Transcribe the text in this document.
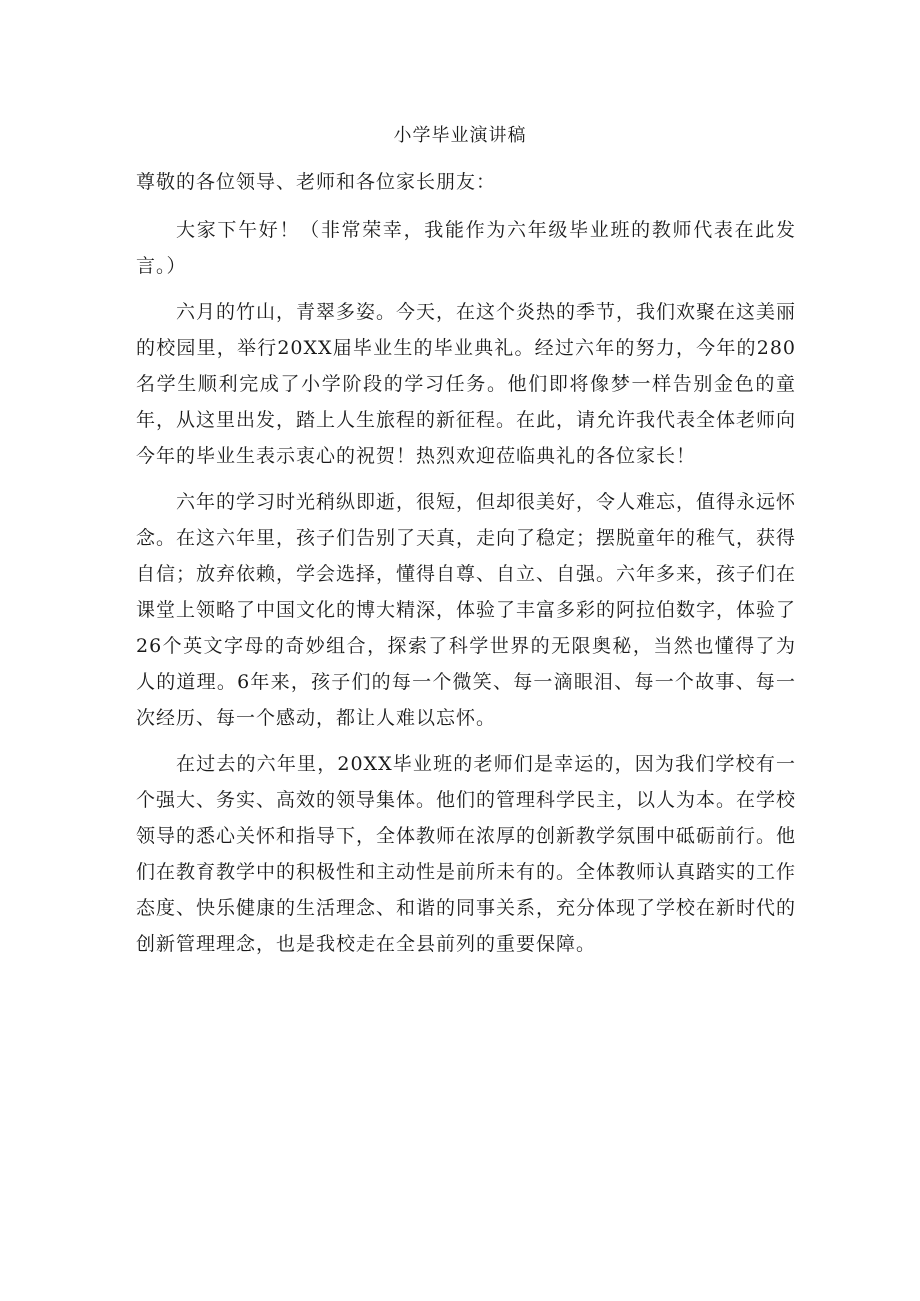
小学毕业演讲稿
尊敬的各位领导、老师和各位家长朋友：

大家下午好！（非常荣幸，我能作为六年级毕业班的教师代表在此发言。）

六月的竹山，青翠多姿。今天，在这个炎热的季节，我们欢聚在这美丽的校园里，举行20XX届毕业生的毕业典礼。经过六年的努力，今年的280名学生顺利完成了小学阶段的学习任务。他们即将像梦一样告别金色的童年，从这里出发，踏上人生旅程的新征程。在此，请允许我代表全体老师向今年的毕业生表示衷心的祝贺！热烈欢迎莅临典礼的各位家长！

六年的学习时光稍纵即逝，很短，但却很美好，令人难忘，值得永远怀念。在这六年里，孩子们告别了天真，走向了稳定；摆脱童年的稚气，获得自信；放弃依赖，学会选择，懂得自尊、自立、自强。六年多来，孩子们在课堂上领略了中国文化的博大精深，体验了丰富多彩的阿拉伯数字，体验了26个英文字母的奇妙组合，探索了科学世界的无限奥秘，当然也懂得了为人的道理。6年来，孩子们的每一个微笑、每一滴眼泪、每一个故事、每一次经历、每一个感动，都让人难以忘怀。

在过去的六年里，20XX毕业班的老师们是幸运的，因为我们学校有一个强大、务实、高效的领导集体。他们的管理科学民主，以人为本。在学校领导的悉心关怀和指导下，全体教师在浓厚的创新教学氛围中砥砺前行。他们在教育教学中的积极性和主动性是前所未有的。全体教师认真踏实的工作态度、快乐健康的生活理念、和谐的同事关系，充分体现了学校在新时代的创新管理理念，也是我校走在全县前列的重要保障。
